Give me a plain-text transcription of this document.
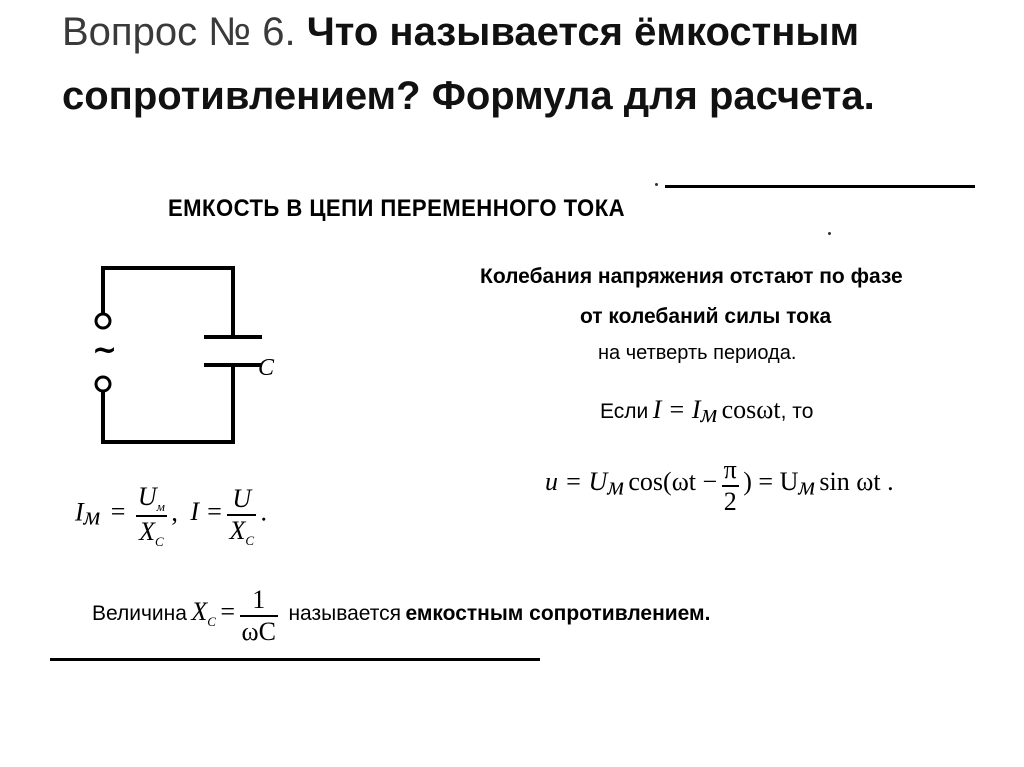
Вопрос № 6. Что называется ёмкостным сопротивлением? Формула для расчета.
ЕМКОСТЬ В ЦЕПИ ПЕРЕМЕННОГО ТОКА
~	C
Колебания напряжения отстают по фазе
от колебаний силы тока
на четверть периода.
Если $I = I_м$ cosωt, то
$u = U_м$ $\cos(\omega t - \frac{\pi}{2}$ ) = $U_м$ sin ωt .
$I_м = \frac{U_м}{X_C}$ , $I = \frac{U}{X_C}$ .
Величина $X_C = \frac{1}{\omega C}$ называется емкостным сопротивлением.
